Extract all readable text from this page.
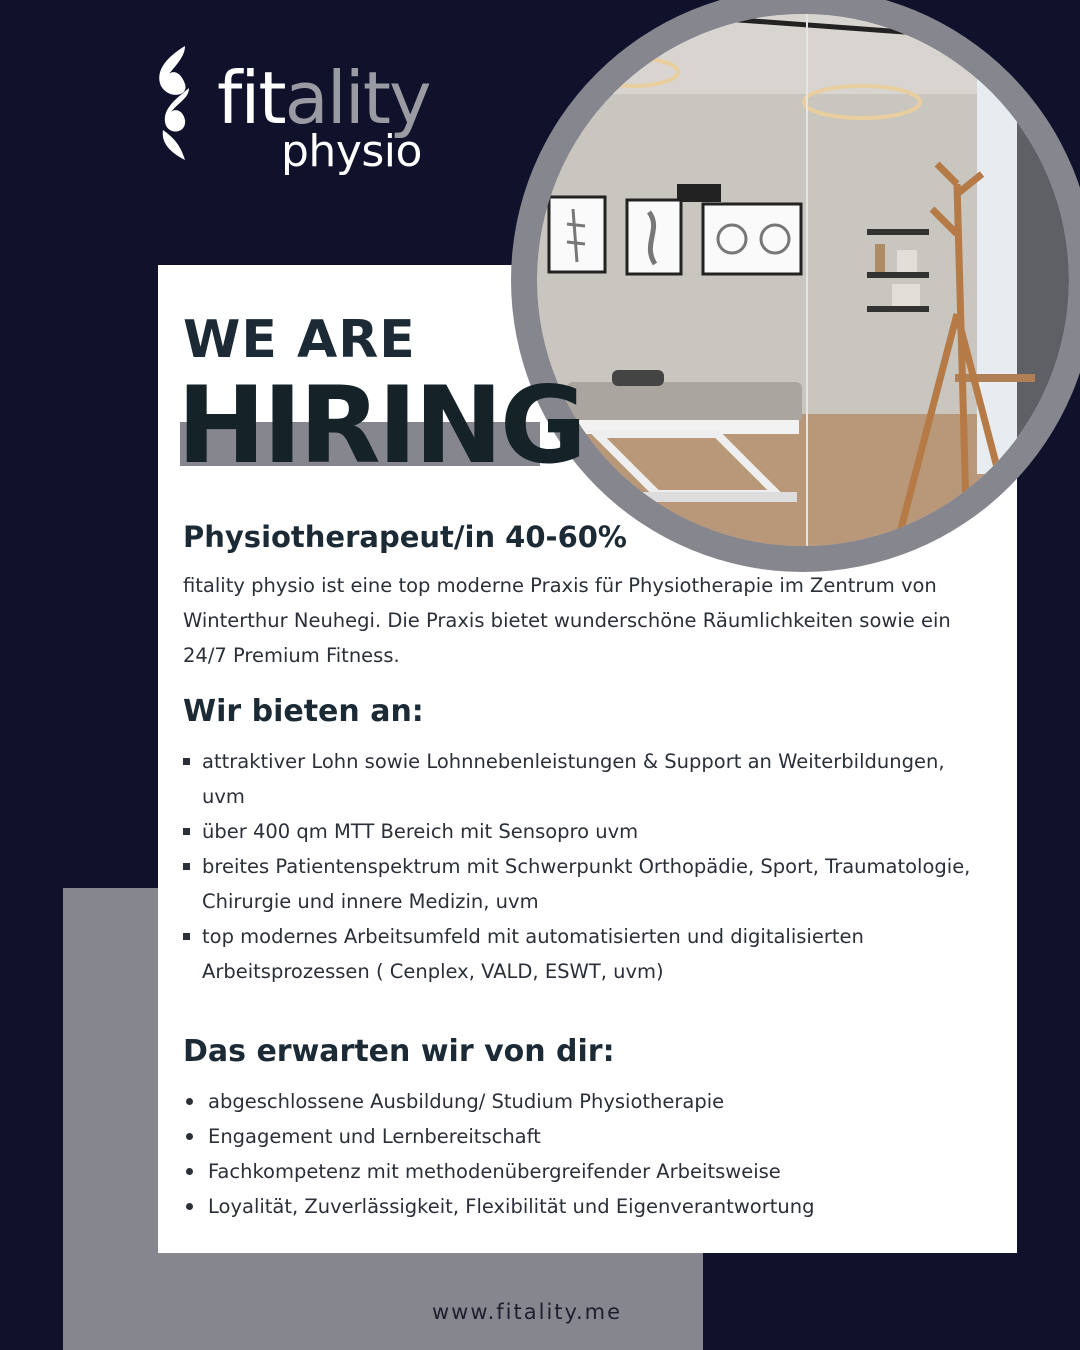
fitality
physio
WE ARE
HIRING
Physiotherapeut/in 40-60%
fitality physio ist eine top moderne Praxis für Physiotherapie im Zentrum von Winterthur Neuhegi. Die Praxis bietet wunderschöne Räumlichkeiten sowie ein 24/7 Premium Fitness.
Wir bieten an:
attraktiver Lohn sowie Lohnnebenleistungen & Support an Weiterbildungen, uvm
über 400 qm MTT Bereich mit Sensopro uvm
breites Patientenspektrum mit Schwerpunkt Orthopädie, Sport, Traumatologie, Chirurgie und innere Medizin, uvm
top modernes Arbeitsumfeld mit automatisierten und digitalisierten Arbeitsprozessen ( Cenplex, VALD, ESWT, uvm)
Das erwarten wir von dir:
abgeschlossene Ausbildung/ Studium Physiotherapie
Engagement und Lernbereitschaft
Fachkompetenz mit methodenübergreifender Arbeitsweise
Loyalität, Zuverlässigkeit, Flexibilität und Eigenverantwortung
www.fitality.me
